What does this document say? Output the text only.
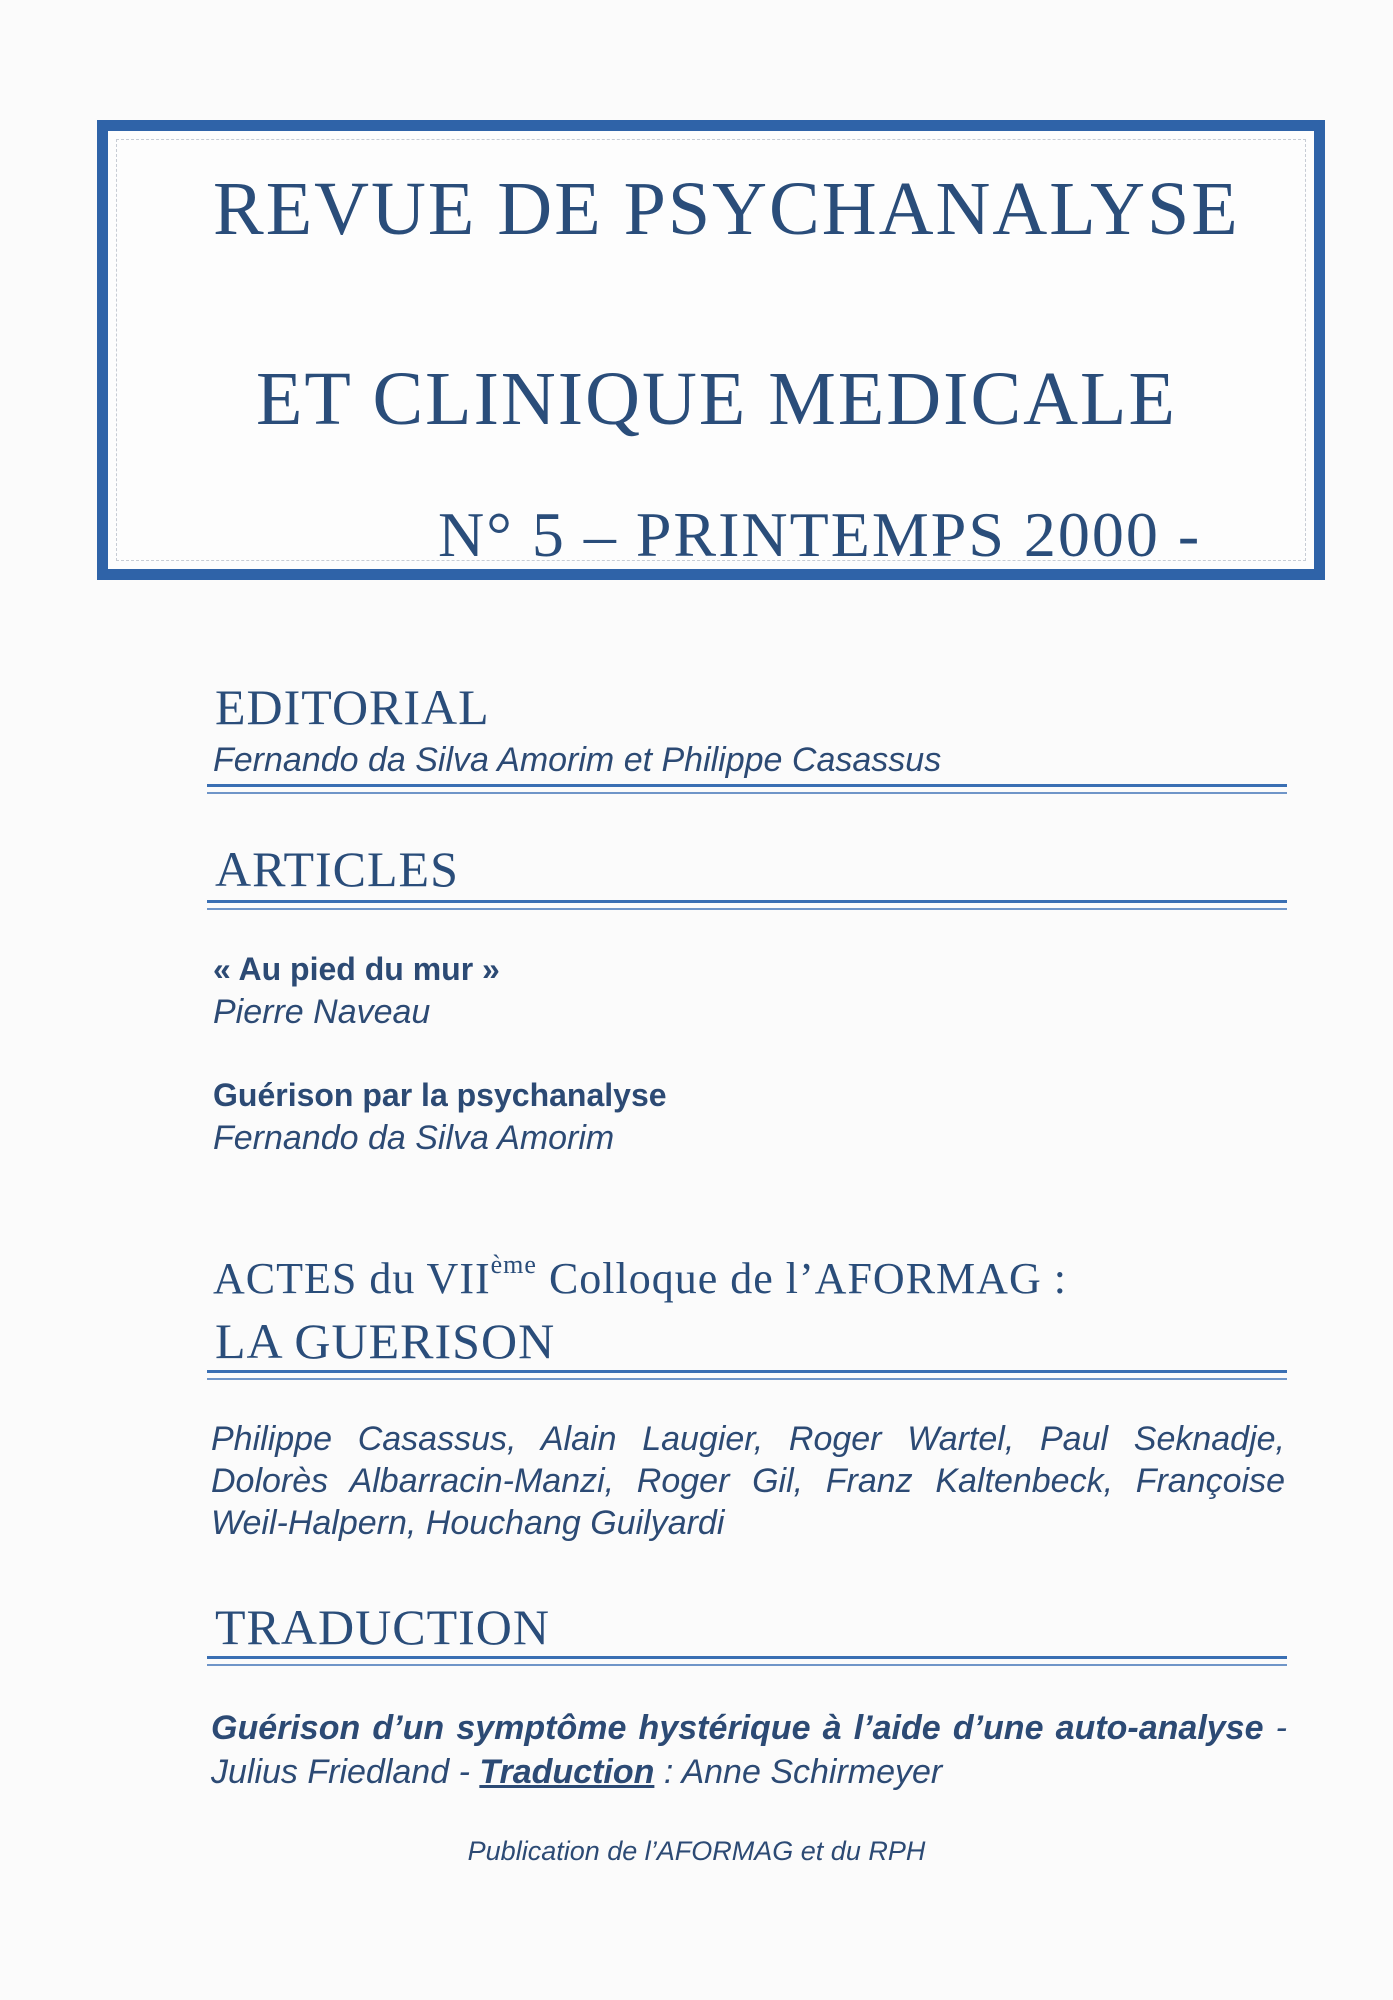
REVUE DE PSYCHANALYSE
ET CLINIQUE MEDICALE
N° 5 – PRINTEMPS 2000 -
EDITORIAL

Fernando da Silva Amorim et Philippe Casassus

ARTICLES

« Au pied du mur »

Pierre Naveau

Guérison par la psychanalyse

Fernando da Silva Amorim

ACTES du VIIème Colloque de l’AFORMAG :

LA GUERISON

Philippe Casassus, Alain Laugier, Roger Wartel, Paul Seknadje, Dolorès Albarracin-Manzi, Roger Gil, Franz Kaltenbeck, Françoise Weil-Halpern, Houchang Guilyardi

TRADUCTION

Guérison d’un symptôme hystérique à l’aide d’une auto-analyse - Julius Friedland - Traduction : Anne Schirmeyer

Publication de l’AFORMAG et du RPH
